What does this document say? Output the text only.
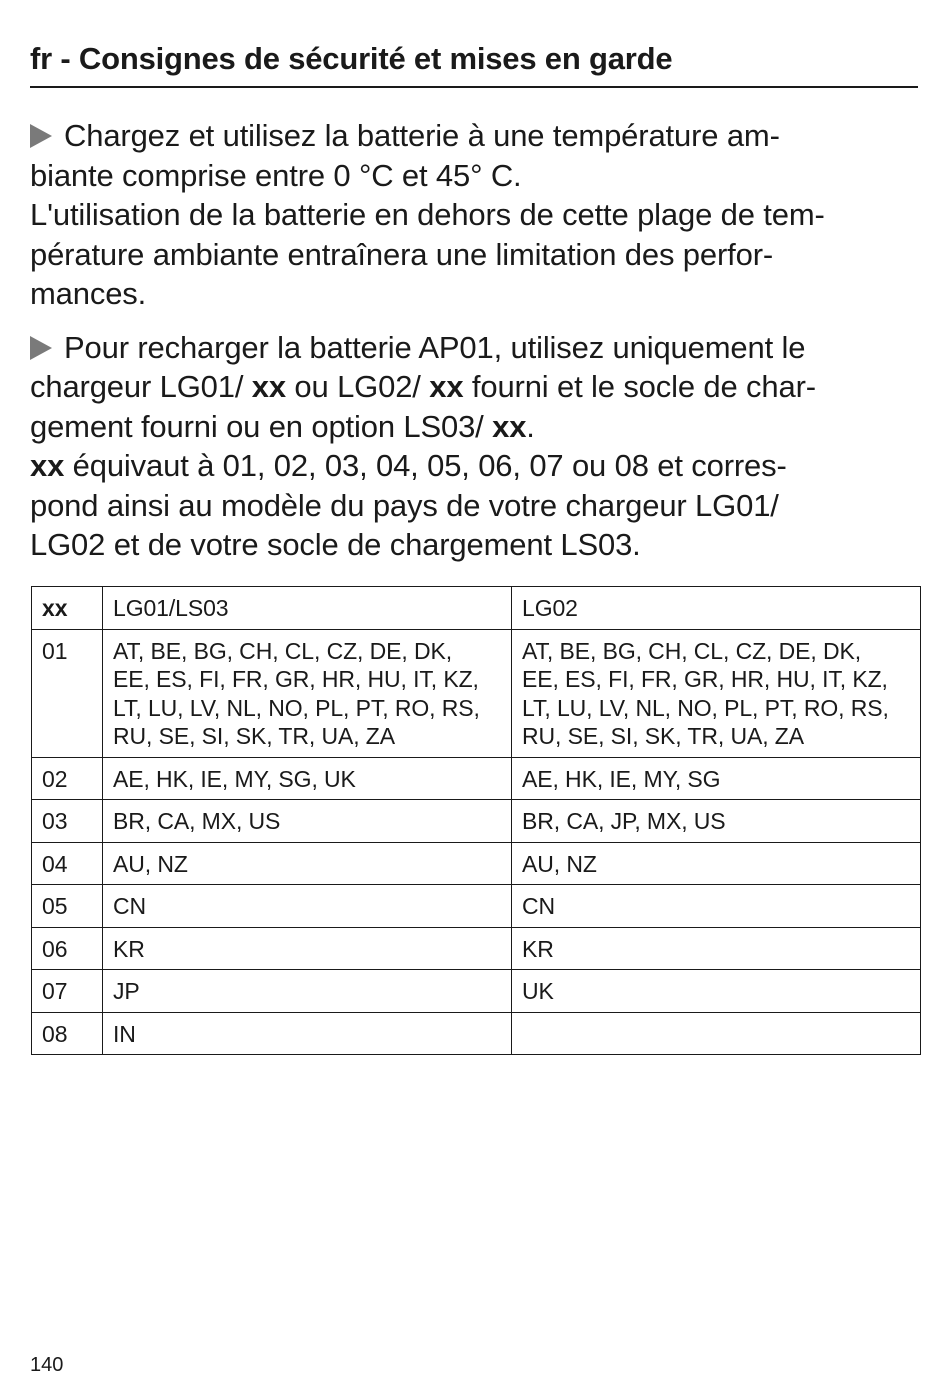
fr - Consignes de sécurité et mises en garde
Chargez et utilisez la batterie à une température am-
biante comprise entre 0 °C et 45° C.
L'utilisation de la batterie en dehors de cette plage de tem-
pérature ambiante entraînera une limitation des perfor-
mances.
Pour recharger la batterie AP01, utilisez uniquement le
chargeur LG01/ xx ou LG02/ xx fourni et le socle de char-
gement fourni ou en option LS03/ xx.
xx équivaut à 01, 02, 03, 04, 05, 06, 07 ou 08 et corres-
pond ainsi au modèle du pays de votre chargeur LG01/
LG02 et de votre socle de chargement LS03.
xx	LG01/LS03	LG02
01	AT, BE, BG, CH, CL, CZ, DE, DK,
EE, ES, FI, FR, GR, HR, HU, IT, KZ,
LT, LU, LV, NL, NO, PL, PT, RO, RS,
RU, SE, SI, SK, TR, UA, ZA	AT, BE, BG, CH, CL, CZ, DE, DK,
EE, ES, FI, FR, GR, HR, HU, IT, KZ,
LT, LU, LV, NL, NO, PL, PT, RO, RS,
RU, SE, SI, SK, TR, UA, ZA

02	AE, HK, IE, MY, SG, UK	AE, HK, IE, MY, SG
03	BR, CA, MX, US	BR, CA, JP, MX, US
04	AU, NZ	AU, NZ
05	CN	CN
06	KR	KR
07	JP	UK
08	IN	
140
